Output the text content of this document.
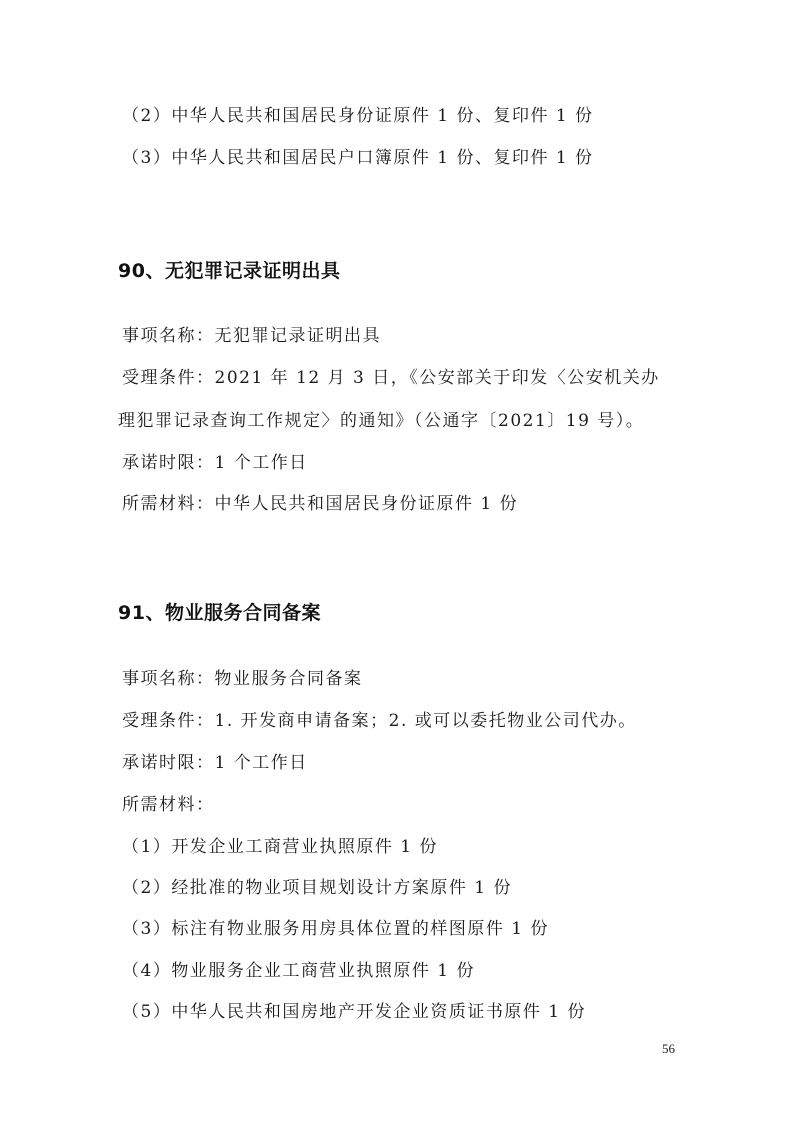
（2）中华人民共和国居民身份证原件 1 份、复印件 1 份
（3）中华人民共和国居民户口簿原件 1 份、复印件 1 份
90、无犯罪记录证明出具
事项名称：无犯罪记录证明出具
受理条件：2021 年 12 月 3 日，《公安部关于印发〈公安机关办
理犯罪记录查询工作规定〉的通知》（公通字〔2021〕19 号）。
承诺时限：1 个工作日
所需材料：中华人民共和国居民身份证原件 1 份
91、物业服务合同备案
事项名称：物业服务合同备案
受理条件：1. 开发商申请备案；2. 或可以委托物业公司代办。
承诺时限：1 个工作日
所需材料：
（1）开发企业工商营业执照原件 1 份
（2）经批准的物业项目规划设计方案原件 1 份
（3）标注有物业服务用房具体位置的样图原件 1 份
（4）物业服务企业工商营业执照原件 1 份
（5）中华人民共和国房地产开发企业资质证书原件 1 份
56
